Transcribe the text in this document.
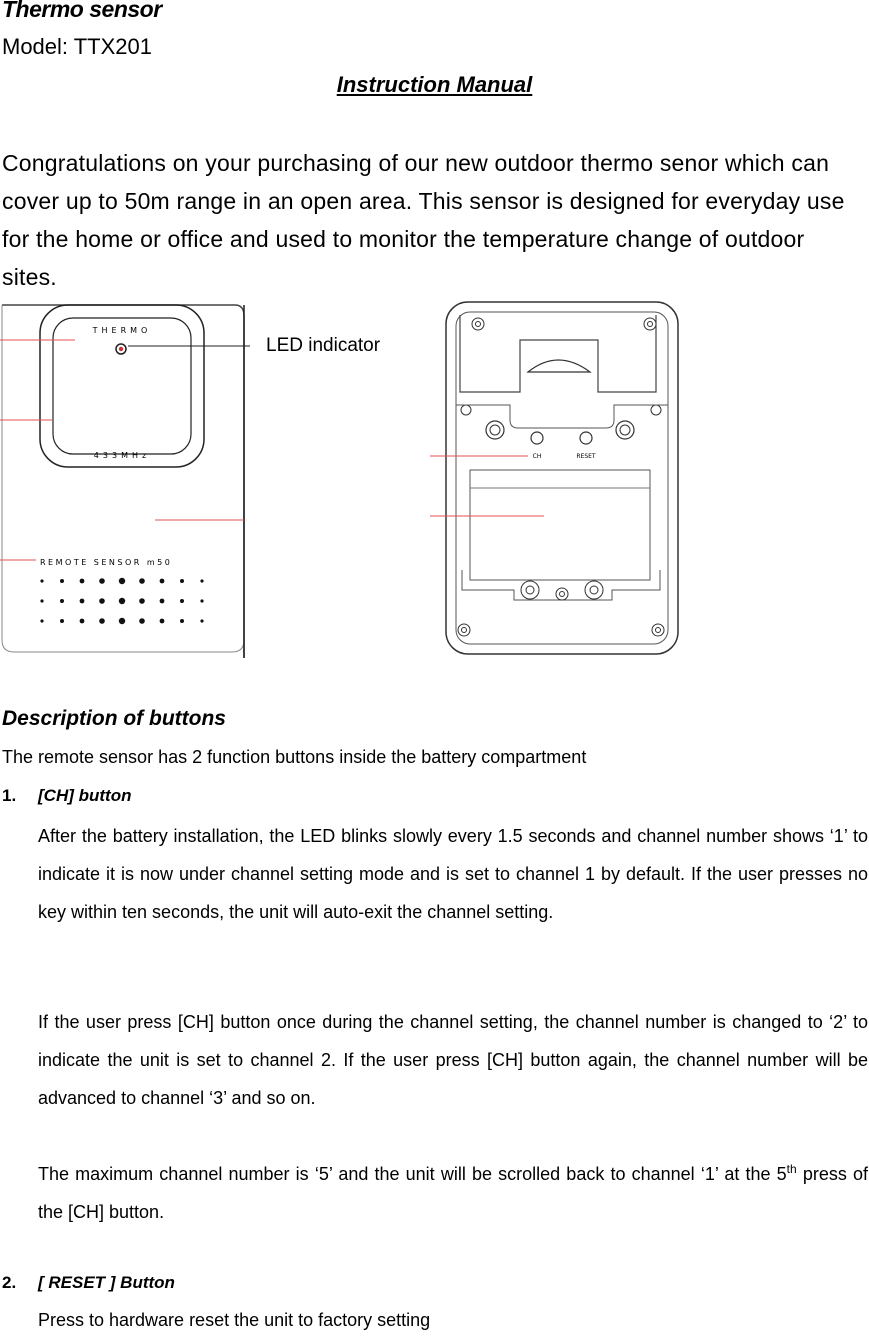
Thermo sensor
Model: TTX201
Instruction Manual
Congratulations on your purchasing of our new outdoor thermo senor which can cover up to 50m range in an open area. This sensor is designed for everyday use for the home or office and used to monitor the temperature change of outdoor sites.
THERMO
433MHz
REMOTE SENSOR m50
LED indicator
CH	RESET
Description of buttons
The remote sensor has 2 function buttons inside the battery compartment
1. [CH] button
After the battery installation, the LED blinks slowly every 1.5 seconds and channel number shows ‘1’ to indicate it is now under channel setting mode and is set to channel 1 by default. If the user presses no key within ten seconds, the unit will auto-exit the channel setting.
If the user press [CH] button once during the channel setting, the channel number is changed to ‘2’ to indicate the unit is set to channel 2. If the user press [CH] button again, the channel number will be advanced to channel ‘3’ and so on.
The maximum channel number is ‘5’ and the unit will be scrolled back to channel ‘1’ at the 5th press of the [CH] button.
2. [ RESET ] Button
Press to hardware reset the unit to factory setting
